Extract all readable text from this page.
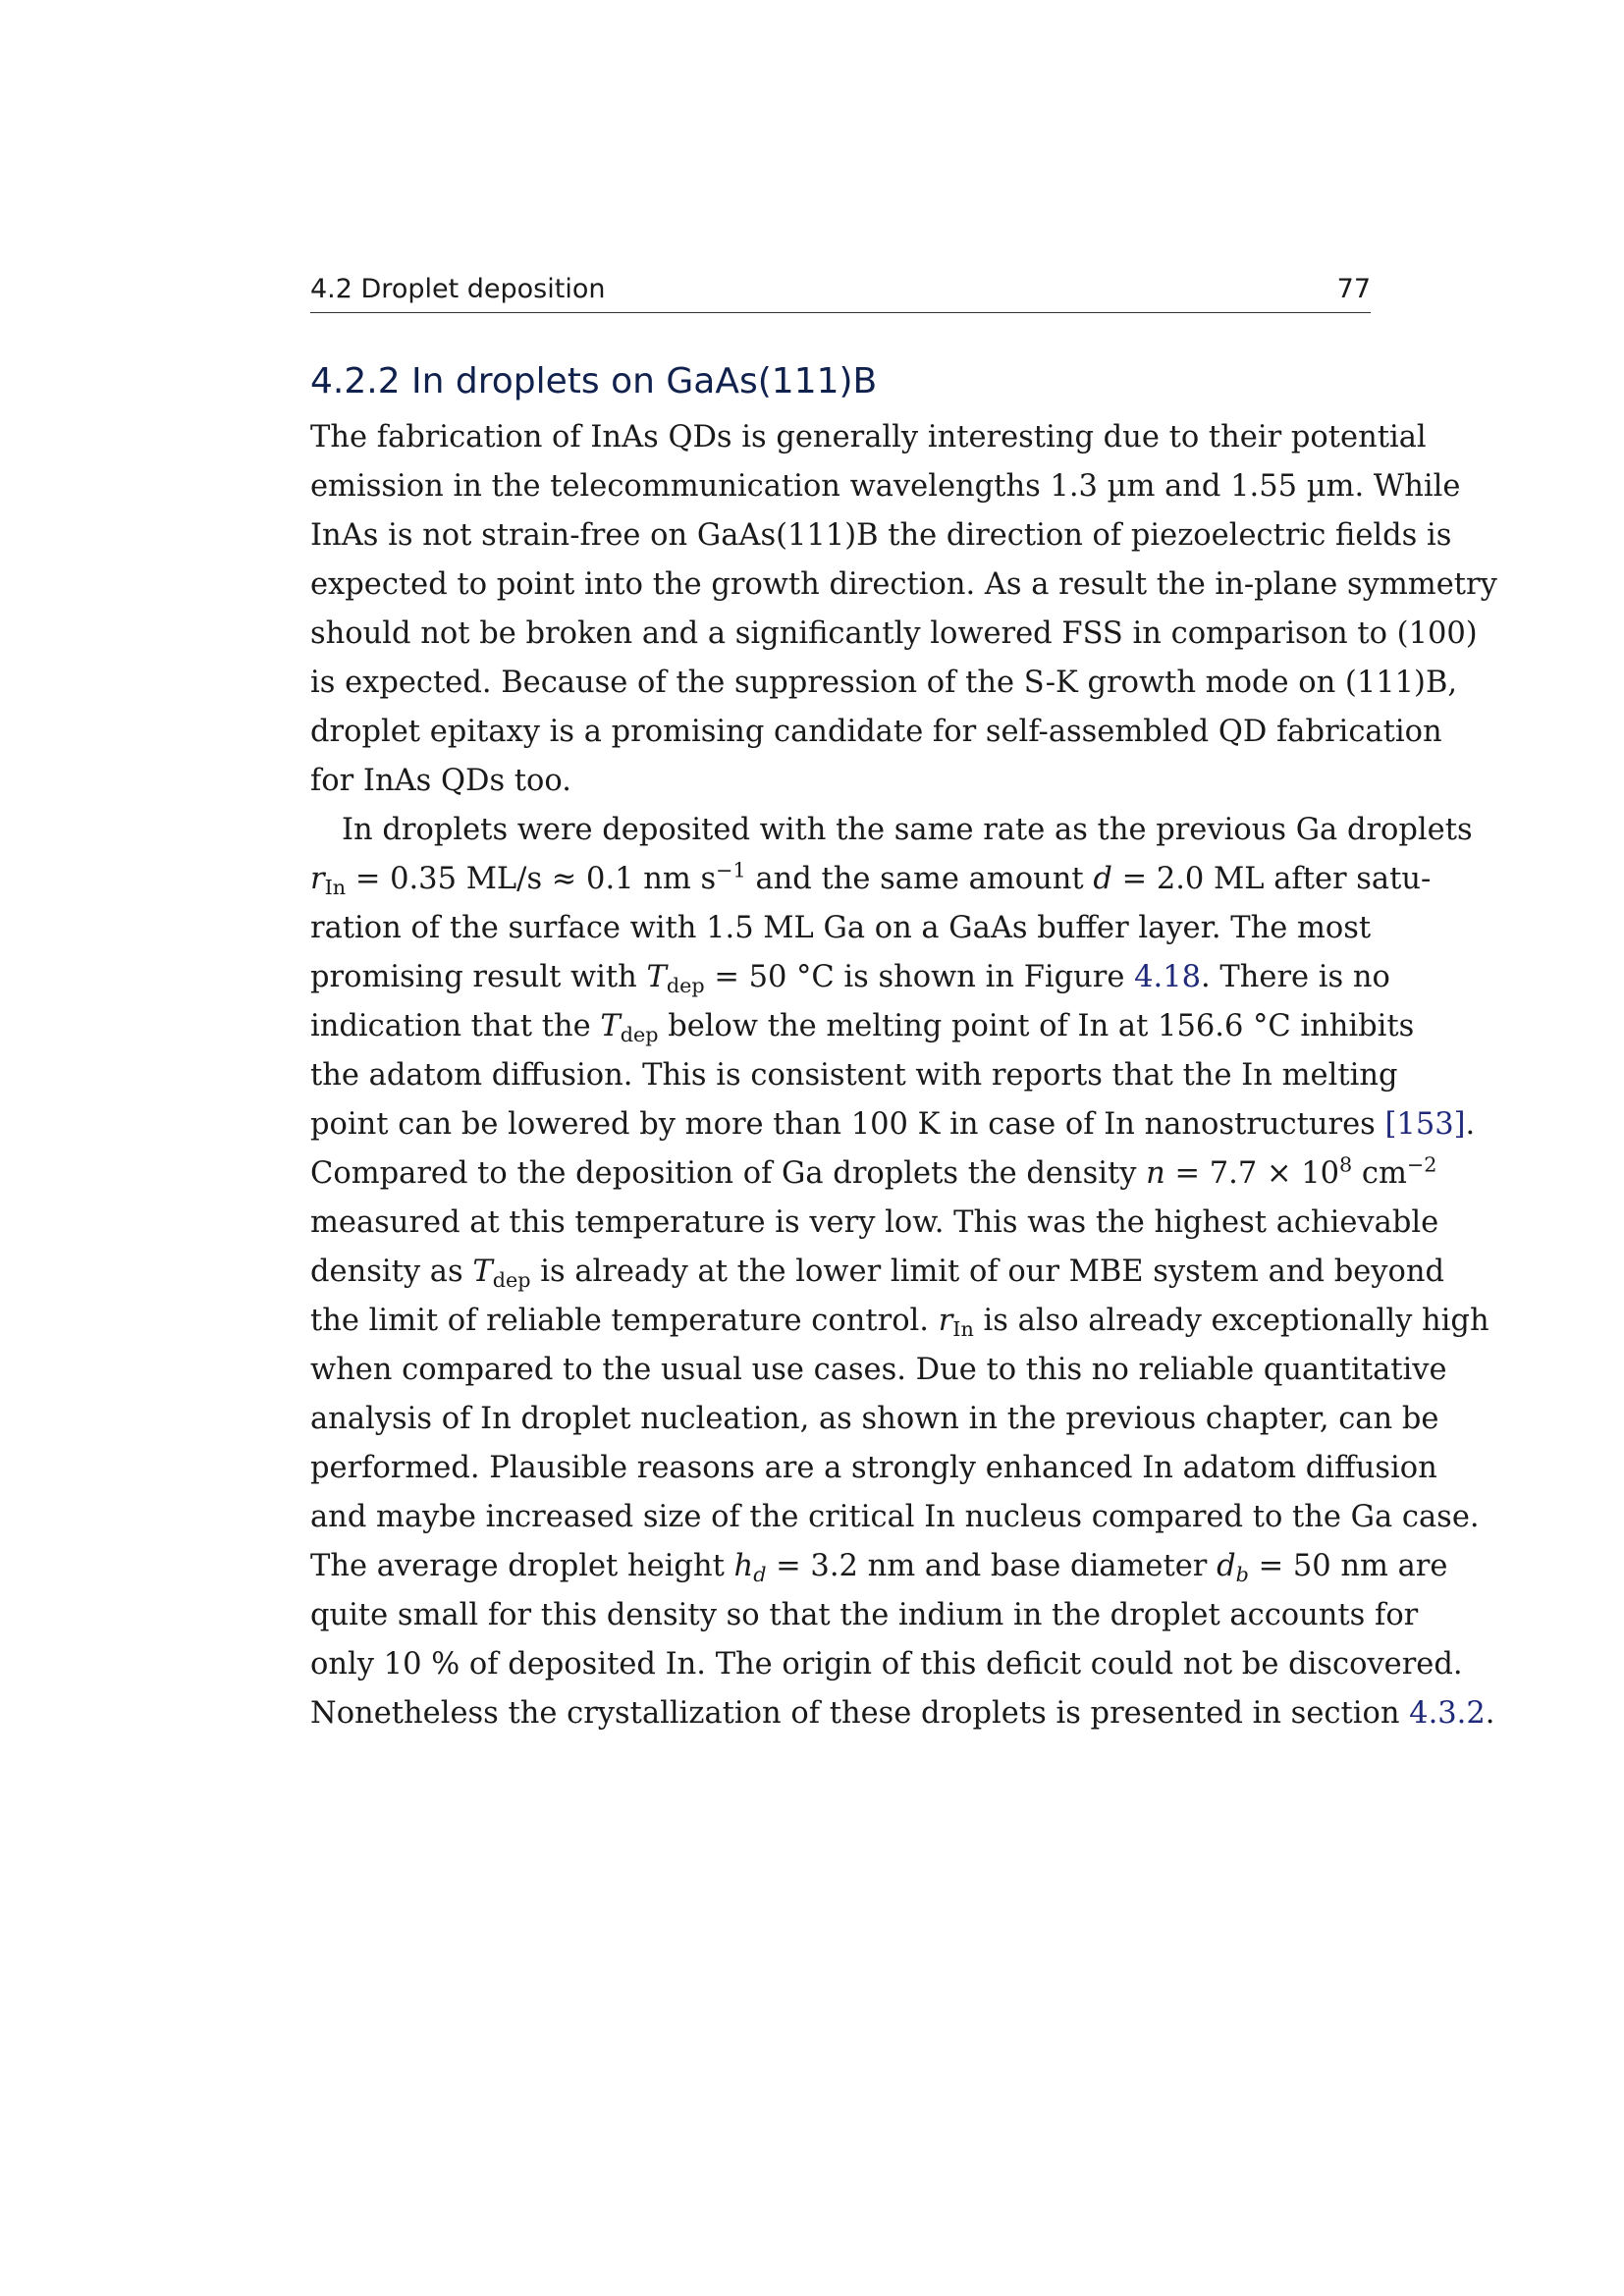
4.2 Droplet deposition	77
4.2.2 In droplets on GaAs(111)B
The fabrication of InAs QDs is generally interesting due to their potential
emission in the telecommunication wavelengths 1.3 µm and 1.55 µm. While
InAs is not strain-free on GaAs(111)B the direction of piezoelectric fields is
expected to point into the growth direction. As a result the in-plane symmetry
should not be broken and a significantly lowered FSS in comparison to (100)
is expected. Because of the suppression of the S-K growth mode on (111)B,
droplet epitaxy is a promising candidate for self-assembled QD fabrication
for InAs QDs too.
In droplets were deposited with the same rate as the previous Ga droplets
$r_{In} = 0.35$ ML/s ≈ 0.1 nm $s^{-1}$ and the same amount d = 2.0 ML after satu-
ration of the surface with 1.5 ML Ga on a GaAs buffer layer. The most
promising result with $T_{dep} = 50$ °C is shown in Figure 4.18. There is no
indication that the $T_{dep}$ below the melting point of In at 156.6 °C inhibits
the adatom diffusion. This is consistent with reports that the In melting
point can be lowered by more than 100 K in case of In nanostructures [153].
Compared to the deposition of Ga droplets the density $n = 7.7 \times 10^8$ $cm^{-2}$
measured at this temperature is very low. This was the highest achievable
density as $T_{dep}$ is already at the lower limit of our MBE system and beyond
the limit of reliable temperature control. $r_{In}$ is also already exceptionally high
when compared to the usual use cases. Due to this no reliable quantitative
analysis of In droplet nucleation, as shown in the previous chapter, can be
performed. Plausible reasons are a strongly enhanced In adatom diffusion
and maybe increased size of the critical In nucleus compared to the Ga case.
The average droplet height $h_d = 3.2$ nm and base diameter $d_b = 50$ nm are
quite small for this density so that the indium in the droplet accounts for
only 10 % of deposited In. The origin of this deficit could not be discovered.
Nonetheless the crystallization of these droplets is presented in section 4.3.2.
